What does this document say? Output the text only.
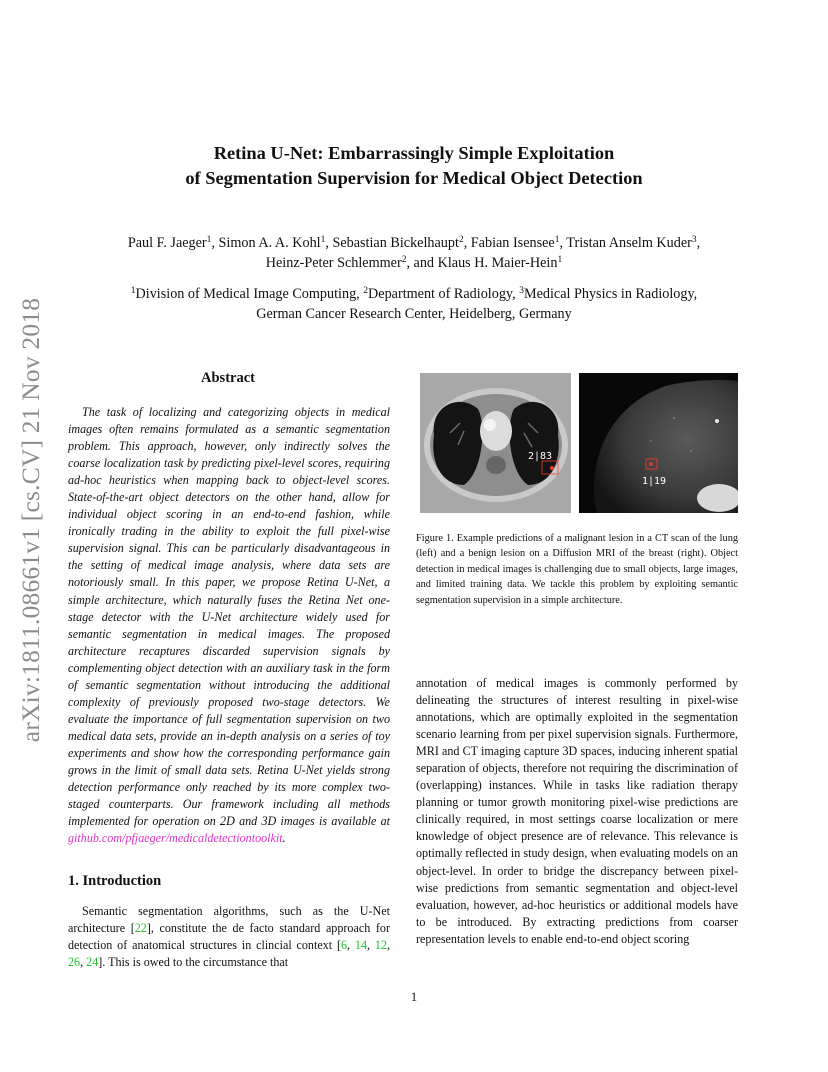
arXiv:1811.08661v1 [cs.CV] 21 Nov 2018
Retina U-Net: Embarrassingly Simple Exploitation
of Segmentation Supervision for Medical Object Detection
Paul F. Jaeger$^1$, Simon A. A. Kohl$^1$, Sebastian Bickelhaupt$^2$, Fabian Isensee$^1$, Tristan Anselm Kuder$^3$,
Heinz-Peter Schlemmer$^2$, and Klaus H. Maier-Hein$^1$
$^1$Division of Medical Image Computing, $^2$Department of Radiology, $^3$Medical Physics in Radiology,
German Cancer Research Center, Heidelberg, Germany
Abstract
The task of localizing and categorizing objects in medical images often remains formulated as a semantic segmentation problem. This approach, however, only indirectly solves the coarse localization task by predicting pixel-level scores, requiring ad-hoc heuristics when mapping back to object-level scores. State-of-the-art object detectors on the other hand, allow for individual object scoring in an end-to-end fashion, while ironically trading in the ability to exploit the full pixel-wise supervision signal. This can be particularly disadvantageous in the setting of medical image analysis, where data sets are notoriously small. In this paper, we propose Retina U-Net, a simple architecture, which naturally fuses the Retina Net one-stage detector with the U-Net architecture widely used for semantic segmentation in medical images. The proposed architecture recaptures discarded supervision signals by complementing object detection with an auxiliary task in the form of semantic segmentation without introducing the additional complexity of previously proposed two-stage detectors. We evaluate the importance of full segmentation supervision on two medical data sets, provide an in-depth analysis on a series of toy experiments and show how the corresponding performance gain grows in the limit of small data sets. Retina U-Net yields strong detection performance only reached by its more complex two-staged counterparts. Our framework including all methods implemented for operation on 2D and 3D images is available at github.com/pfjaeger/medicaldetectiontoolkit.
1. Introduction
Semantic segmentation algorithms, such as the U-Net architecture [22], constitute the de facto standard approach for detection of anatomical structures in clincial context [6, 14, 12, 26, 24]. This is owed to the circumstance that
2|83
1|19
Figure 1. Example predictions of a malignant lesion in a CT scan of the lung (left) and a benign lesion on a Diffusion MRI of the breast (right). Object detection in medical images is challenging due to small objects, large images, and limited training data. We tackle this problem by exploiting semantic segmentation supervision in a simple architecture.
annotation of medical images is commonly performed by delineating the structures of interest resulting in pixel-wise annotations, which are optimally exploited in the segmentation scenario learning from per pixel supervision signals. Furthermore, MRI and CT imaging capture 3D spaces, inducing inherent spatial separation of objects, therefore not requiring the discrimination of (overlapping) instances. While in tasks like radiation therapy planning or tumor growth monitoring pixel-wise predictions are clinically required, in most settings coarse localization or mere knowledge of object presence are of relevance. This relevance is optimally reflected in study design, when evaluating models on an object-level. In order to bridge the discrepancy between pixel-wise predictions from semantic segmentation and object-level evaluation, however, ad-hoc heuristics or additional models have to be introduced. By extracting predictions from coarser representation levels to enable end-to-end object scoring
1
